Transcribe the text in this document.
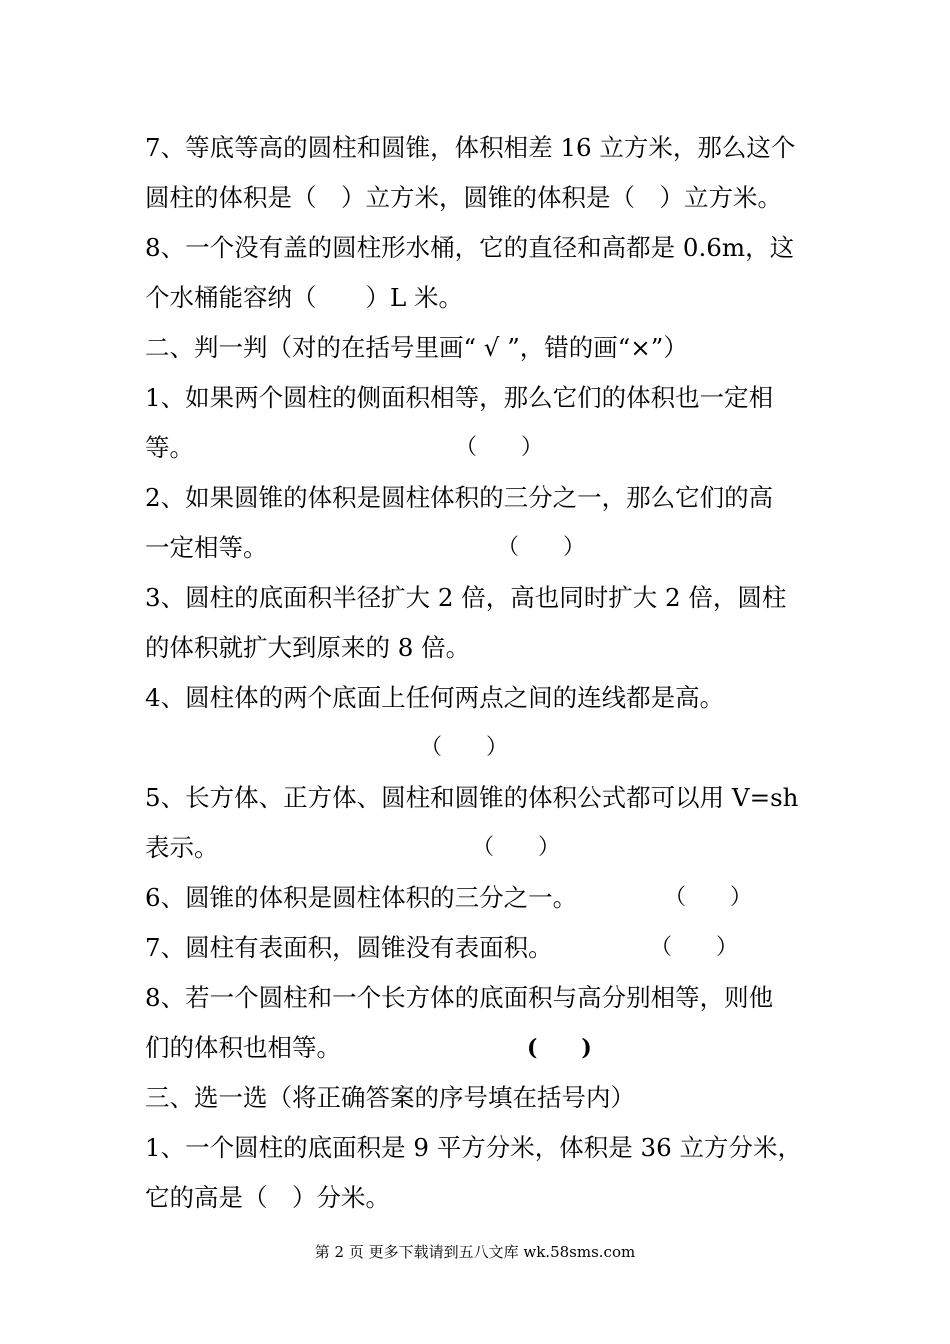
7、等底等高的圆柱和圆锥，体积相差 16 立方米，那么这个
圆柱的体积是（　）立方米，圆锥的体积是（　）立方米。
8、一个没有盖的圆柱形水桶，它的直径和高都是 0.6m，这
个水桶能容纳（　　）L 米。
二、判一判（对的在括号里画“ √ ”，错的画“×”）
1、如果两个圆柱的侧面积相等，那么它们的体积也一定相
等。	（　　）
2、如果圆锥的体积是圆柱体积的三分之一，那么它们的高
一定相等。	（　　）
3、圆柱的底面积半径扩大 2 倍，高也同时扩大 2 倍，圆柱
的体积就扩大到原来的 8 倍。
4、圆柱体的两个底面上任何两点之间的连线都是高。
（　　）
5、长方体、正方体、圆柱和圆锥的体积公式都可以用 V=sh
表示。	（　　）
6、圆锥的体积是圆柱体积的三分之一。	（　　）
7、圆柱有表面积，圆锥没有表面积。	（　　）
8、若一个圆柱和一个长方体的底面积与高分别相等，则他
们的体积也相等。	(　　)
三、选一选（将正确答案的序号填在括号内）
1、一个圆柱的底面积是 9 平方分米，体积是 36 立方分米，
它的高是（　）分米。
第 2 页 更多下载请到五八文库 wk.58sms.com
